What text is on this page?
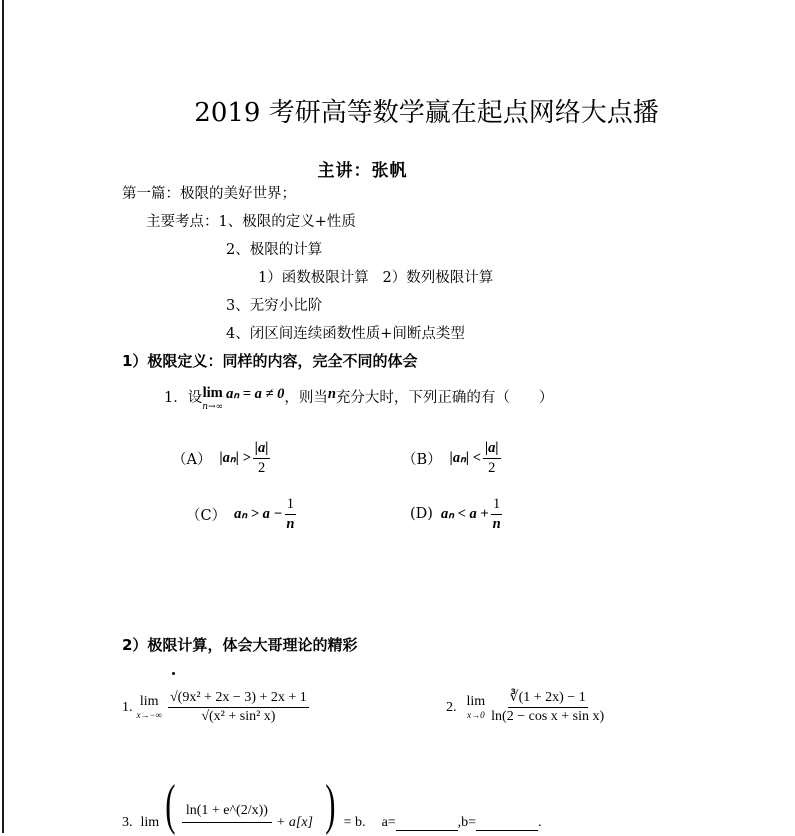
2019 考研高等数学赢在起点网络大点播
主讲：张帆
第一篇：极限的美好世界；
主要考点：1、极限的定义+性质
2、极限的计算
1）函数极限计算   2）数列极限计算
3、无穷小比阶
4、闭区间连续函数性质+间断点类型
1）极限定义：同样的内容，完全不同的体会
1．设 lim
n→∞
aₙ = a ≠ 0 ，则当 n 充分大时，下列正确的有（　　）
（A） $|a_n| > \frac{|a|}{2}$	（B） $|a_n| < \frac{|a|}{2}$
（C） $a_n > a - \frac{1}{n}$	(D) $a_n < a + \frac{1}{n}$
2）极限计算，体会大哥理论的精彩
1. lim
$x\to-\infty \frac{\text{√(9x² + 2x − 3) + 2x + 1}}{\text{√(x² + sin² x)}}$	2. lim
$x\to 0 \frac{∛(1 + 2x) - 1}{\text{ln(2 − cos x + sin x)}}$
3. lim ( ln(1 + e^(2/x))
+ a[x] ) = b. a=	,b=	.
